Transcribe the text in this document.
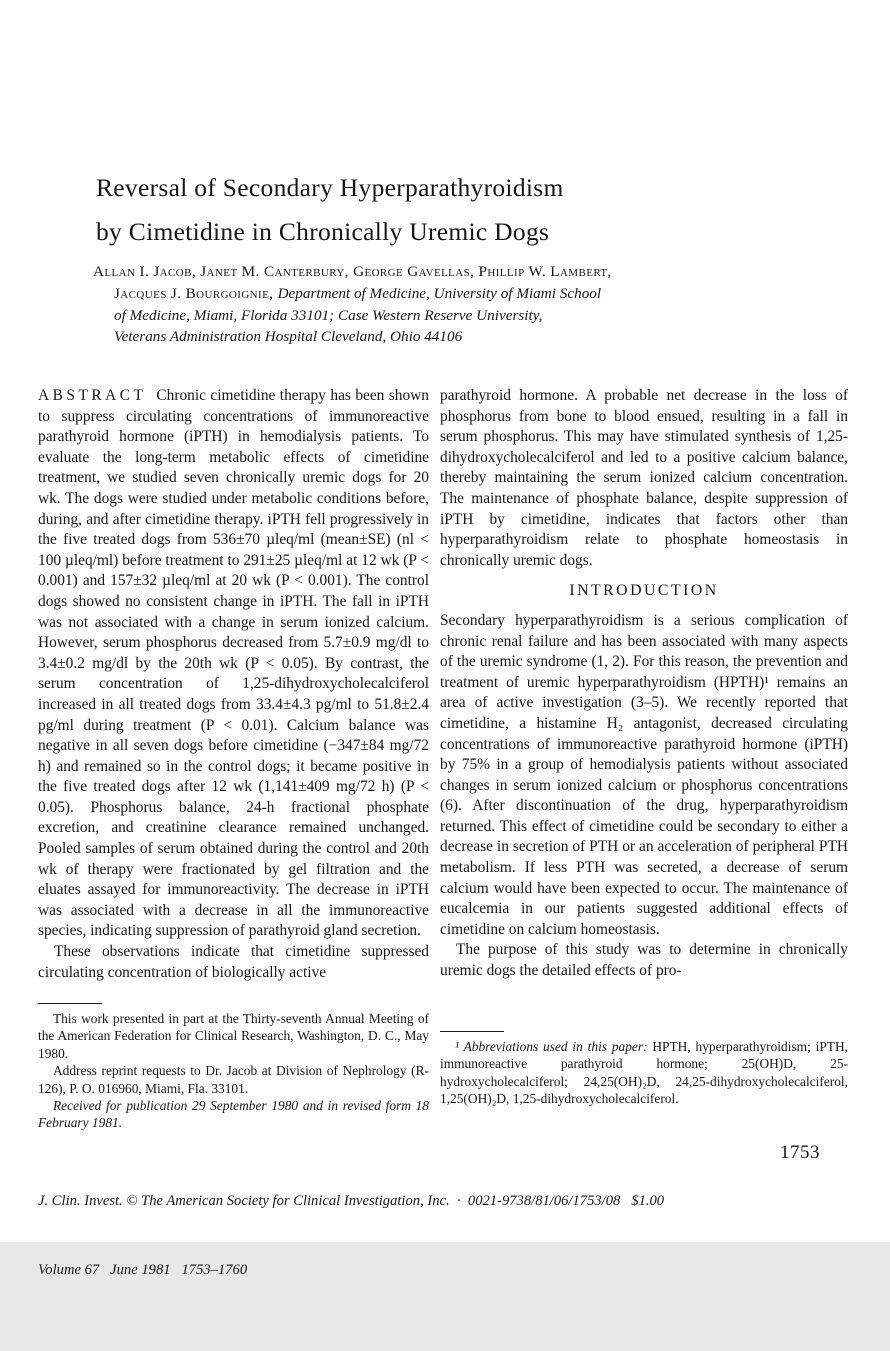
Reversal of Secondary Hyperparathyroidism
by Cimetidine in Chronically Uremic Dogs
Allan I. Jacob, Janet M. Canterbury, George Gavellas, Phillip W. Lambert,
Jacques J. Bourgoignie, Department of Medicine, University of Miami School
of Medicine, Miami, Florida 33101; Case Western Reserve University,
Veterans Administration Hospital Cleveland, Ohio 44106

ABSTRACT Chronic cimetidine therapy has been shown to suppress circulating concentrations of immunoreactive parathyroid hormone (iPTH) in hemodialysis patients. To evaluate the long-term metabolic effects of cimetidine treatment, we studied seven chronically uremic dogs for 20 wk. The dogs were studied under metabolic conditions before, during, and after cimetidine therapy. iPTH fell progressively in the five treated dogs from 536±70 µleq/ml (mean±SE) (nl < 100 µleq/ml) before treatment to 291±25 µleq/ml at 12 wk (P < 0.001) and 157±32 µleq/ml at 20 wk (P < 0.001). The control dogs showed no consistent change in iPTH. The fall in iPTH was not associated with a change in serum ionized calcium. However, serum phosphorus decreased from 5.7±0.9 mg/dl to 3.4±0.2 mg/dl by the 20th wk (P < 0.05). By contrast, the serum concentration of 1,25-dihydroxycholecalciferol increased in all treated dogs from 33.4±4.3 pg/ml to 51.8±2.4 pg/ml during treatment (P < 0.01). Calcium balance was negative in all seven dogs before cimetidine (−347±84 mg/72 h) and remained so in the control dogs; it became positive in the five treated dogs after 12 wk (1,141±409 mg/72 h) (P < 0.05). Phosphorus balance, 24-h fractional phosphate excretion, and creatinine clearance remained unchanged. Pooled samples of serum obtained during the control and 20th wk of therapy were fractionated by gel filtration and the eluates assayed for immunoreactivity. The decrease in iPTH was associated with a decrease in all the immunoreactive species, indicating suppression of parathyroid gland secretion.

These observations indicate that cimetidine suppressed circulating concentration of biologically active

parathyroid hormone. A probable net decrease in the loss of phosphorus from bone to blood ensued, resulting in a fall in serum phosphorus. This may have stimulated synthesis of 1,25-dihydroxycholecalciferol and led to a positive calcium balance, thereby maintaining the serum ionized calcium concentration. The maintenance of phosphate balance, despite suppression of iPTH by cimetidine, indicates that factors other than hyperparathyroidism relate to phosphate homeostasis in chronically uremic dogs.

INTRODUCTION

Secondary hyperparathyroidism is a serious complication of chronic renal failure and has been associated with many aspects of the uremic syndrome (1, 2). For this reason, the prevention and treatment of uremic hyperparathyroidism (HPTH)¹ remains an area of active investigation (3–5). We recently reported that cimetidine, a histamine H₂ antagonist, decreased circulating concentrations of immunoreactive parathyroid hormone (iPTH) by 75% in a group of hemodialysis patients without associated changes in serum ionized calcium or phosphorus concentrations (6). After discontinuation of the drug, hyperparathyroidism returned. This effect of cimetidine could be secondary to either a decrease in secretion of PTH or an acceleration of peripheral PTH metabolism. If less PTH was secreted, a decrease of serum calcium would have been expected to occur. The maintenance of eucalcemia in our patients suggested additional effects of cimetidine on calcium homeostasis.

The purpose of this study was to determine in chronically uremic dogs the detailed effects of pro-

This work presented in part at the Thirty-seventh Annual Meeting of the American Federation for Clinical Research, Washington, D. C., May 1980.

Address reprint requests to Dr. Jacob at Division of Nephrology (R-126), P. O. 016960, Miami, Fla. 33101.

Received for publication 29 September 1980 and in revised form 18 February 1981.

¹ Abbreviations used in this paper: HPTH, hyperparathyroidism; iPTH, immunoreactive parathyroid hormone; 25(OH)D, 25-hydroxycholecalciferol; 24,25(OH)₂D, 24,25-dihydroxycholecalciferol, 1,25(OH)₂D, 1,25-dihydroxycholecalciferol.

J. Clin. Invest. © The American Society for Clinical Investigation, Inc.  ·  0021-9738/81/06/1753/08   $1.00

Volume 67   June 1981   1753–1760

1753
